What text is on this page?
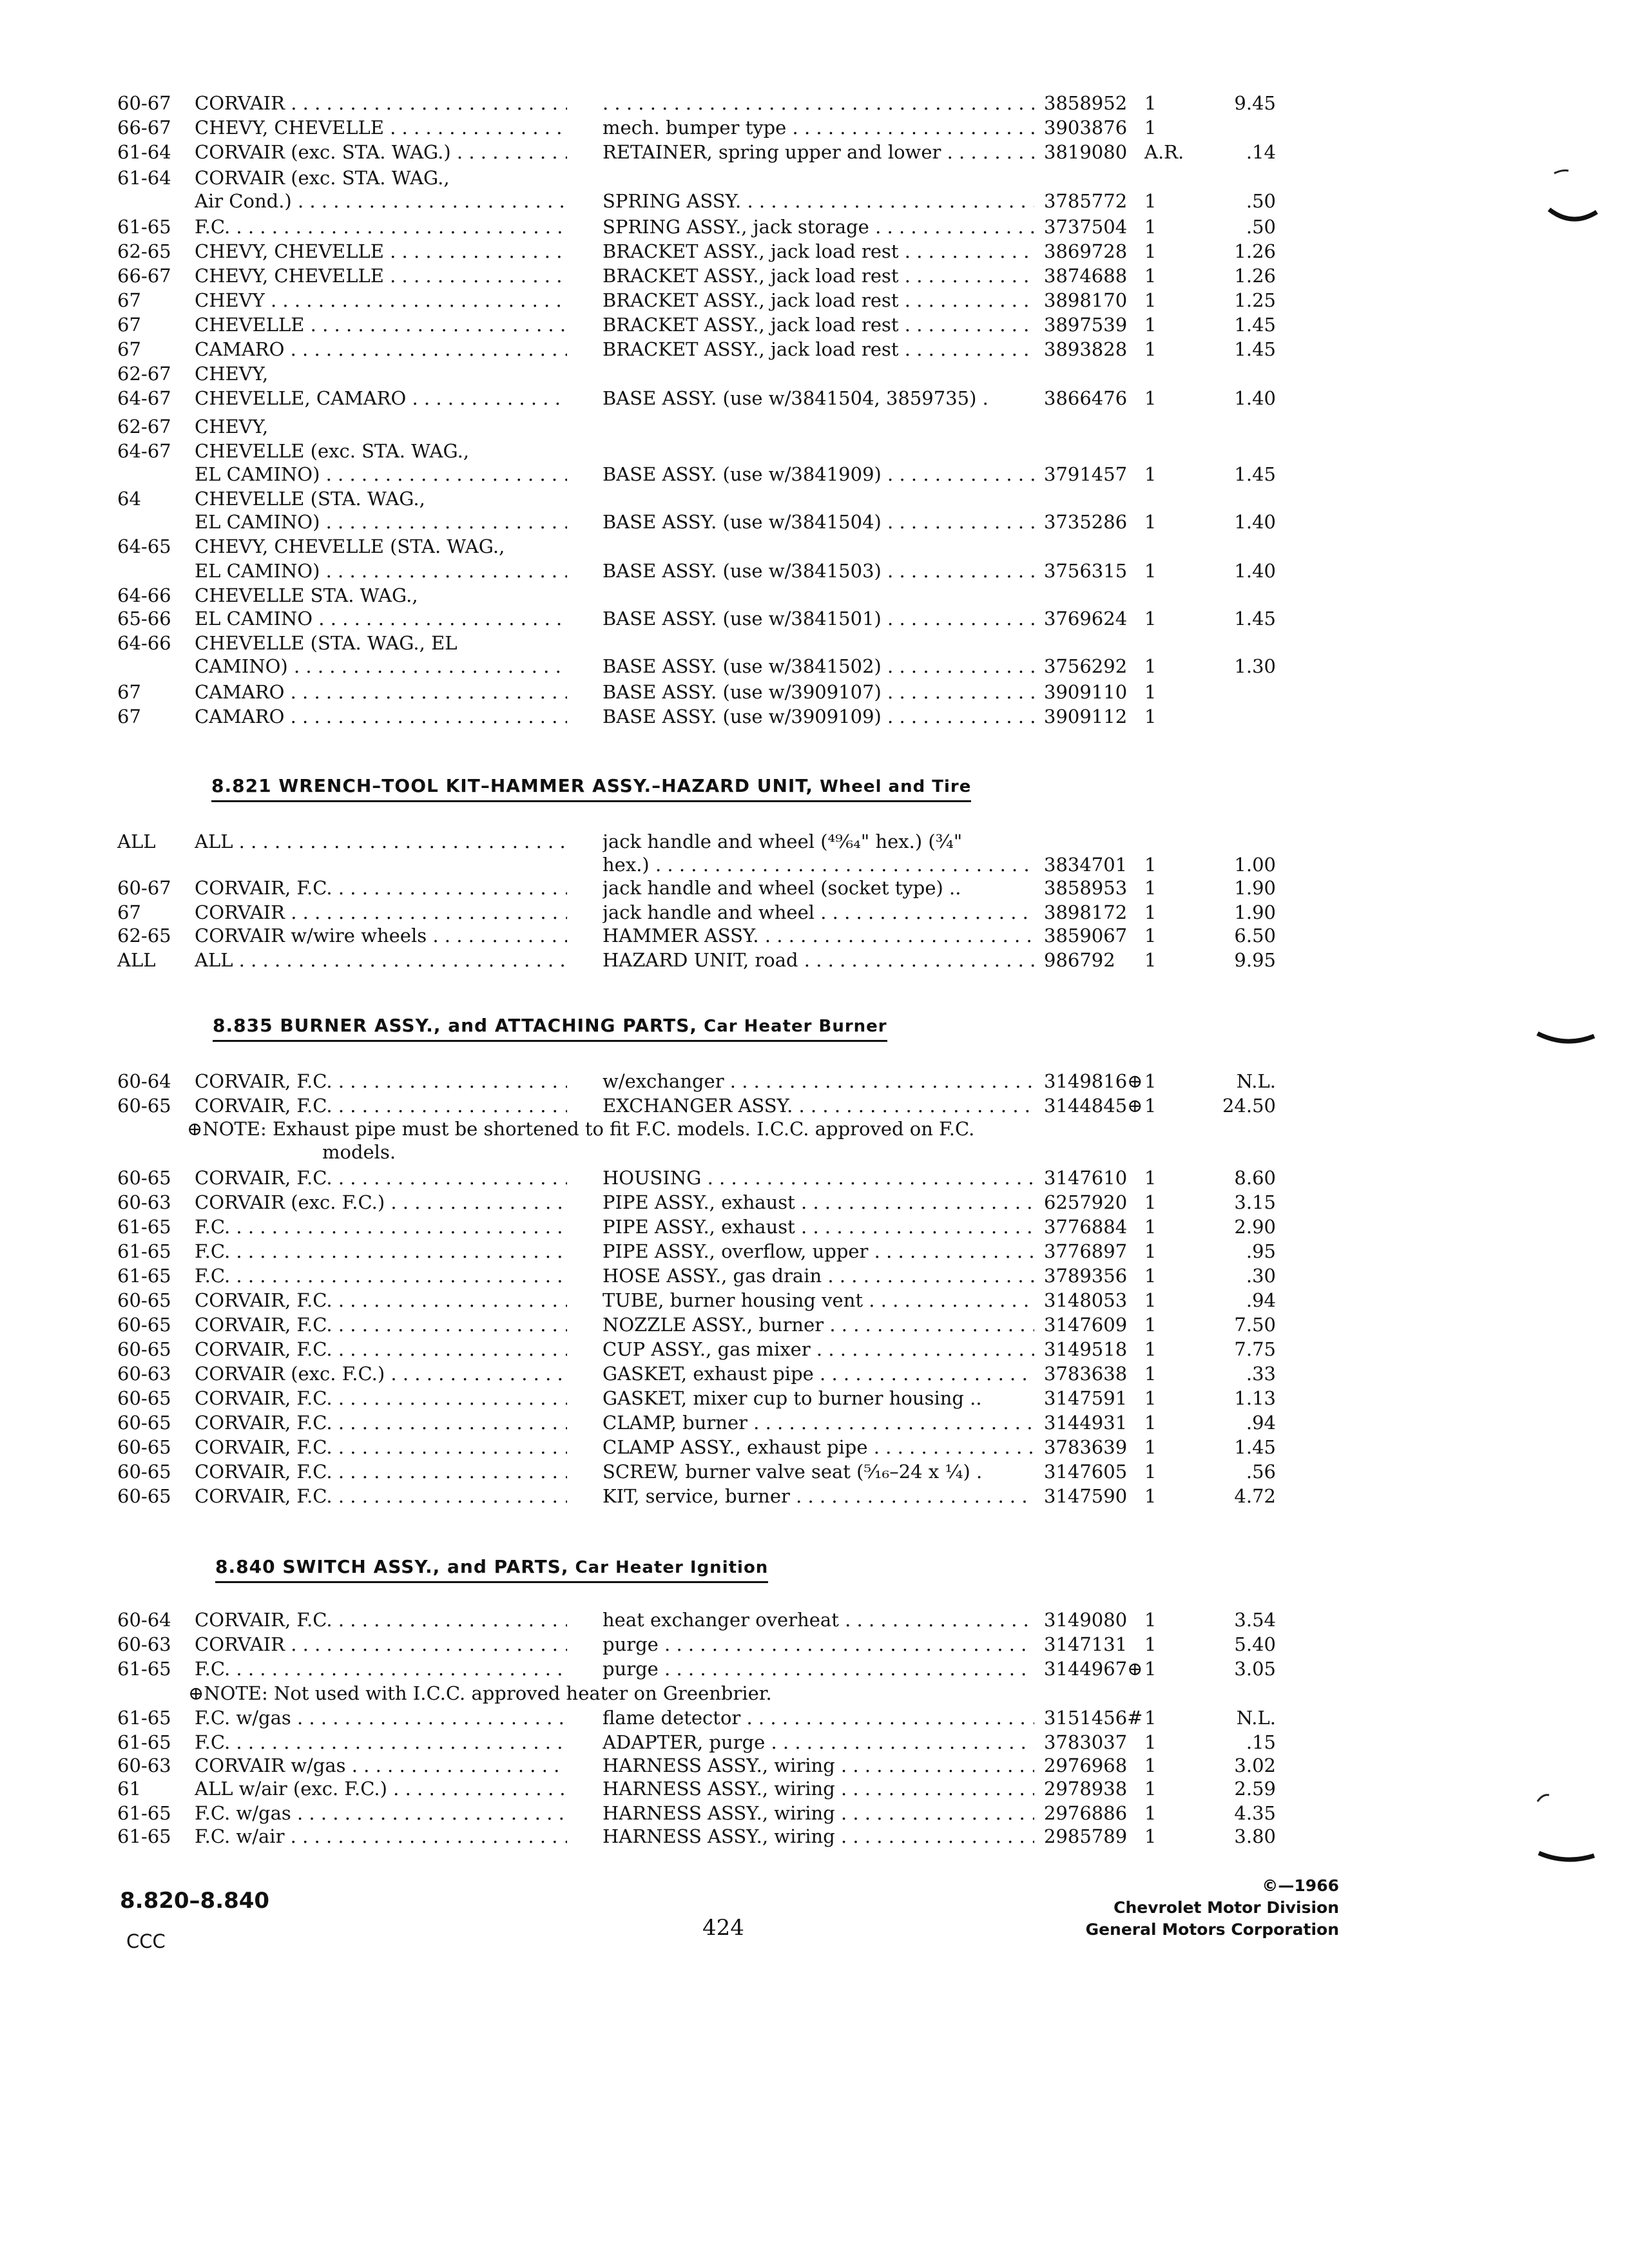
60-67 CORVAIR . . .
. . .	3858952 1	9.45
66-67 CHEVY, CHEVELLE . . .	mech. bumper type . . .	3903876 1
61-64 CORVAIR (exc. STA. WAG.) . . .	RETAINER, spring upper and lower . . .	3819080 A.R.	.14
61-64 CORVAIR (exc. STA. WAG.,
Air Cond.) . . .	SPRING ASSY. . . .	3785772 1	.50
61-65 F.C. . . .	SPRING ASSY., jack storage . . .	3737504 1	.50
62-65 CHEVY, CHEVELLE . . .	BRACKET ASSY., jack load rest . . .	3869728 1	1.26
66-67 CHEVY, CHEVELLE . . .	BRACKET ASSY., jack load rest . . .	3874688 1	1.26
67	CHEVY . . .	BRACKET ASSY., jack load rest . . .	3898170 1	1.25
67	CHEVELLE . . .	BRACKET ASSY., jack load rest . . .	3897539 1	1.45
67	CAMARO . . .	BRACKET ASSY., jack load rest . . .	3893828 1	1.45
62-67 CHEVY,
64-67 CHEVELLE, CAMARO . . .	BASE ASSY. (use w/3841504, 3859735) .	3866476 1	1.40
62-67 CHEVY,
64-67 CHEVELLE (exc. STA. WAG.,
EL CAMINO) . . .	BASE ASSY. (use w/3841909) . . .	3791457 1	1.45
64	CHEVELLE (STA. WAG.,
EL CAMINO) . . .	BASE ASSY. (use w/3841504) . . .	3735286 1	1.40
64-65 CHEVY, CHEVELLE (STA. WAG.,
EL CAMINO) . . .	BASE ASSY. (use w/3841503) . . .	3756315 1	1.40
64-66 CHEVELLE STA. WAG.,
65-66 EL CAMINO . . .	BASE ASSY. (use w/3841501) . . .	3769624 1	1.45
64-66 CHEVELLE (STA. WAG., EL
CAMINO) . . .	BASE ASSY. (use w/3841502) . . .	3756292 1	1.30
67	CAMARO . . .	BASE ASSY. (use w/3909107) . . .	3909110 1
67	CAMARO . . .	BASE ASSY. (use w/3909109) . . .	3909112 1
8.821 WRENCH–TOOL KIT–HAMMER ASSY.–HAZARD UNIT, Wheel and Tire
ALL ALL . . .	jack handle and wheel (⁴⁹⁄₆₄" hex.) (¾"
hex.) . . .	3834701 1	1.00
60-67 CORVAIR, F.C. . . .	jack handle and wheel (socket type) ..	3858953 1	1.90
67	CORVAIR . . .	jack handle and wheel . . .	3898172 1	1.90
62-65 CORVAIR w/wire wheels . . .	HAMMER ASSY. . . .	3859067 1	6.50
ALL ALL . . .	HAZARD UNIT, road . . .	986792 1	9.95
8.835 BURNER ASSY., and ATTACHING PARTS, Car Heater Burner
60-64 CORVAIR, F.C. . . .	w/exchanger . . .	3149816⊕ 1	N.L.
60-65 CORVAIR, F.C. . . .	EXCHANGER ASSY. . . .	3144845⊕ 1	24.50
⊕NOTE: Exhaust pipe must be shortened to fit F.C. models. I.C.C. approved on F.C.
models.
60-65 CORVAIR, F.C. . . .	HOUSING . . .	3147610 1	8.60
60-63 CORVAIR (exc. F.C.) . . .	PIPE ASSY., exhaust . . .	6257920 1	3.15
61-65 F.C. . . .	PIPE ASSY., exhaust . . .	3776884 1	2.90
61-65 F.C. . . .	PIPE ASSY., overflow, upper . . .	3776897 1	.95
61-65 F.C. . . .	HOSE ASSY., gas drain . . .	3789356 1	.30
60-65 CORVAIR, F.C. . . .	TUBE, burner housing vent . . .	3148053 1	.94
60-65 CORVAIR, F.C. . . .	NOZZLE ASSY., burner . . .	3147609 1	7.50
60-65 CORVAIR, F.C. . . .	CUP ASSY., gas mixer . . .	3149518 1	7.75
60-63 CORVAIR (exc. F.C.) . . .	GASKET, exhaust pipe . . .	3783638 1	.33
60-65 CORVAIR, F.C. . . .	GASKET, mixer cup to burner housing ..	3147591 1	1.13
60-65 CORVAIR, F.C. . . .	CLAMP, burner . . .	3144931 1	.94
60-65 CORVAIR, F.C. . . .	CLAMP ASSY., exhaust pipe . . .	3783639 1	1.45
60-65 CORVAIR, F.C. . . .	SCREW, burner valve seat (⁵⁄₁₆–24 x ¼) .	3147605 1	.56
60-65 CORVAIR, F.C. . . .	KIT, service, burner . . .	3147590 1	4.72
8.840 SWITCH ASSY., and PARTS, Car Heater Ignition
60-64 CORVAIR, F.C. . . .	heat exchanger overheat . . .	3149080 1	3.54
60-63 CORVAIR . . .	purge . . .	3147131 1	5.40
61-65 F.C. . . .	purge . . .	3144967⊕ 1	3.05
⊕NOTE: Not used with I.C.C. approved heater on Greenbrier.
61-65 F.C. w/gas . . .	flame detector . . .	3151456# 1	N.L.
61-65 F.C. . . .	ADAPTER, purge . . .	3783037 1	.15
60-63 CORVAIR w/gas . . .	HARNESS ASSY., wiring . . .	2976968 1	3.02
61	ALL w/air (exc. F.C.) . . .	HARNESS ASSY., wiring . . .	2978938 1	2.59
61-65 F.C. w/gas . . .	HARNESS ASSY., wiring . . .	2976886 1	4.35
61-65 F.C. w/air . . .	HARNESS ASSY., wiring . . .	2985789 1	3.80
8.820–8.840
CCC
424
©—1966
Chevrolet Motor Division
General Motors Corporation
